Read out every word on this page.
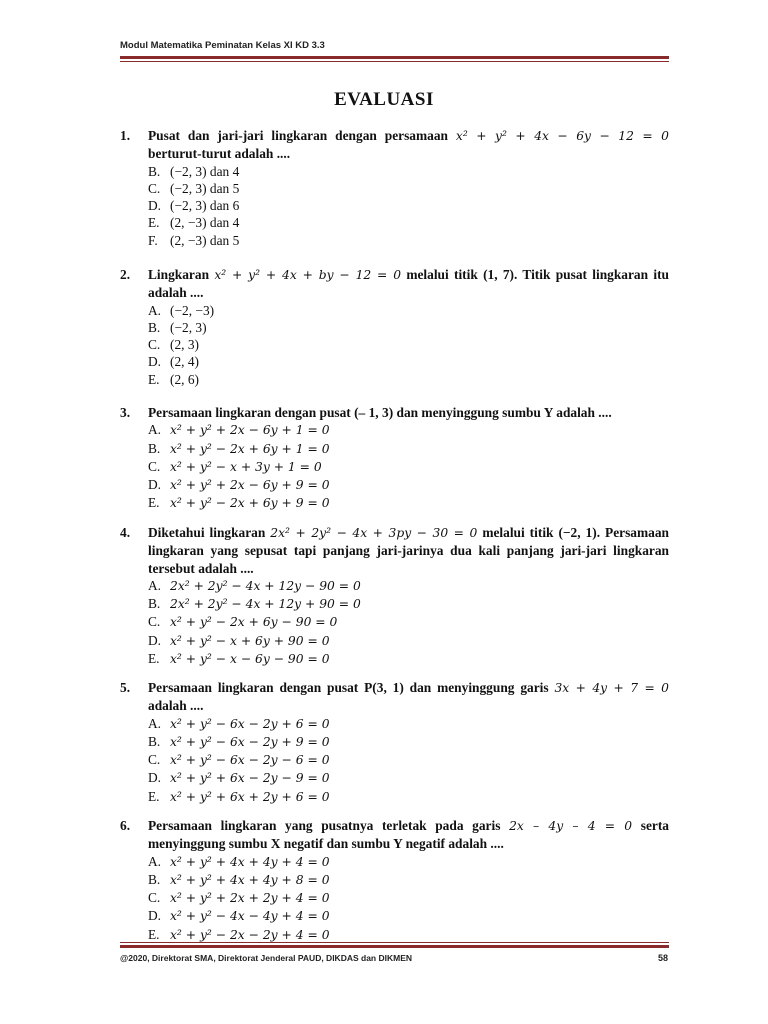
Modul Matematika Peminatan Kelas XI KD 3.3
EVALUASI
1. Pusat dan jari-jari lingkaran dengan persamaan x² + y² + 4x − 6y − 12 = 0
berturut-turut adalah ....
B. (−2, 3) dan 4
C. (−2, 3) dan 5
D. (−2, 3) dan 6
E. (2, −3) dan 4
F. (2, −3) dan 5
2. Lingkaran x² + y² + 4x + by − 12 = 0 melalui titik (1, 7). Titik pusat lingkaran itu
adalah ....
A. (−2, −3)
B. (−2, 3)
C. (2, 3)
D. (2, 4)
E. (2, 6)
3. Persamaan lingkaran dengan pusat (– 1, 3) dan menyinggung sumbu Y adalah ....
A. x² + y² + 2x − 6y + 1 = 0
B. x² + y² − 2x + 6y + 1 = 0
C. x² + y² − x + 3y + 1 = 0
D. x² + y² + 2x − 6y + 9 = 0
E. x² + y² − 2x + 6y + 9 = 0
4. Diketahui lingkaran 2x² + 2y² − 4x + 3py − 30 = 0 melalui titik (−2, 1). Persamaan
lingkaran yang sepusat tapi panjang jari-jarinya dua kali panjang jari-jari lingkaran
tersebut adalah ....
A. 2x² + 2y² − 4x + 12y − 90 = 0
B. 2x² + 2y² − 4x + 12y + 90 = 0
C. x² + y² − 2x + 6y − 90 = 0
D. x² + y² − x + 6y + 90 = 0
E. x² + y² − x − 6y − 90 = 0
5. Persamaan lingkaran dengan pusat P(3, 1) dan menyinggung garis 3x + 4y + 7 = 0
adalah ....
A. x² + y² − 6x − 2y + 6 = 0
B. x² + y² − 6x − 2y + 9 = 0
C. x² + y² − 6x − 2y − 6 = 0
D. x² + y² + 6x − 2y − 9 = 0
E. x² + y² + 6x + 2y + 6 = 0
6. Persamaan lingkaran yang pusatnya terletak pada garis 2x – 4y – 4 = 0 serta
menyinggung sumbu X negatif dan sumbu Y negatif adalah ....
A. x² + y² + 4x + 4y + 4 = 0
B. x² + y² + 4x + 4y + 8 = 0
C. x² + y² + 2x + 2y + 4 = 0
D. x² + y² − 4x − 4y + 4 = 0
E. x² + y² − 2x − 2y + 4 = 0
@2020, Direktorat SMA, Direktorat Jenderal PAUD, DIKDAS dan DIKMEN	58
